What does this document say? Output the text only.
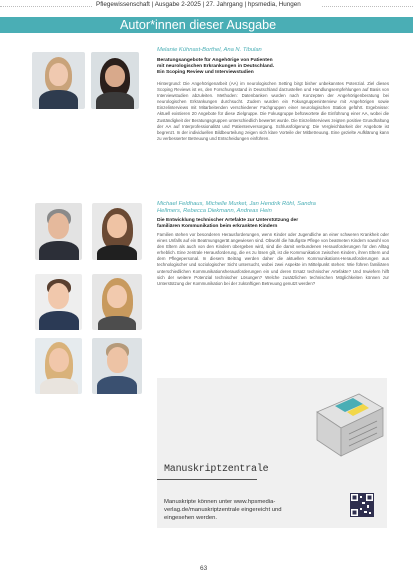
Pflegewissenschaft | Ausgabe 2-2025 | 27. Jahrgang | hpsmedia, Hungen
Autor*innen dieser Ausgabe
Melanie Kühnast-Borthel, Ana N. Tibulan
Beratungsangebote für Angehörige von Patienten mit neurologischen Erkrankungen in Deutschland. Ein Scoping Review und Interviewstudien
Hintergrund: Die Angehörigenarbeit (AA) im neurologischen Setting birgt bisher unbekanntes Potenzial. Ziel dieses Scoping Reviews ist es, den Forschungsstand in Deutschland darzustellen und Handlungsempfehlungen auf Basis von Interviewstudien abzuleiten. Methoden: Datenbanken wurden nach Konzepten der Angehörigenberatung bei neurologischen Erkrankungen durchsucht. Zudem wurden ein Fokusgruppeninterview mit Angehörigen sowie Einzelinterviews mit Mitarbeitenden verschiedener Fachgruppen einer neurologischen Station geführt. Ergebnisse: Aktuell existieren 20 Angebote für diese Zielgruppe. Die Fokusgruppe befürwortete die Einführung einer AA, wobei die Zuständigkeit der Beratungsgruppen unterschiedlich bewertet wurde. Die Einzelinterviews zeigten positive Grundhaltung der AA auf Interprofessionalität und Patientenversorgung. Schlussfolgerung: Die Vergleichbarkeit der Angebote ist begrenzt. In der individuellen Bildbeurteilung zeigen sich klare Vorteile der Mitbetreuung. Eine gezielte Aufklärung kann zu verbesserter Betreuung und Entscheidungen einführen.
Michael Feldhaus, Michelle Murket, Jan Hendrik Röhl, Sandra Hellmers, Rebecca Diekmann, Andreas Hein
Die Entwicklung technischer Artefakte zur Unterstützung der familiären Kommunikation beim erkrankten Kindern
Familien stehen vor besonderen Herausforderungen, wenn Kinder oder Jugendliche an einer schweren Krankheit oder eines Unfalls auf ein Beatmungsgerät angewiesen sind. Obwohl die häufigste Pflege von beatmeten Kindern sowohl von den Eltern als auch von den Kindern übergeben wird, sind die damit verbundenen Herausforderungen für den Alltag erheblich. Eine zentrale Herausforderung, die es zu lösen gilt, ist die Kommunikation zwischen Kindern, ihren Eltern und dem Pflegepersonal. In diesem Beitrag werden daher die aktuellen Kommunikations-Herausforderungen aus technologischer und soziologischer Sicht untersucht, wobei zwei Aspekte im Mittelpunkt stehen: Wie führen familiären unterschiedlichen Kommunikationsherausforderungen ein und deren Ersatz technischer Artefakte? Und Inwiefern hilft sich der weitere Potenzial technischer Lösungen? Welche zusätzlichen technischen Möglichkeiten können zur Unterstützung der Kommunikation bei der zukünftigen Betreuung genutzt werden?
Manuskriptzentrale
Manuskripte können unter www.hpsmedia-verlag.de/manuskriptzentrale eingereicht und eingesehen werden.
63
